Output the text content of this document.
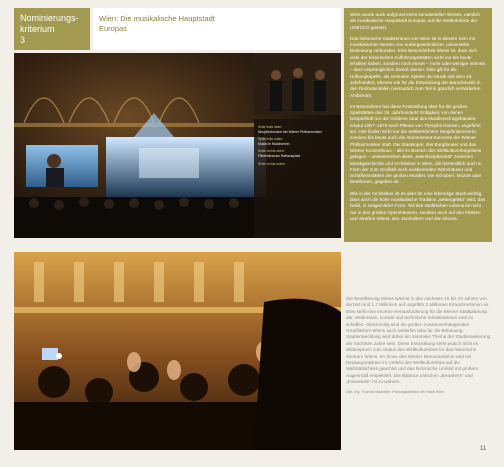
Nominierungs-
kriterium
3
Wien: Die musikalische Hauptstadt
Europas

Wien wurde auch aufgrund eines immateriellen Wertes, nämlich als musikalische Hauptstadt Europas, auf die Welterbeliste der UNESCO gesetzt.

Das historische Stadtzentrum von Wien ist in diesem Sinn mit musikalischen Werten von außergewöhnlicher, universeller Bedeutung verbunden. Eine Besonderheit Wiens ist, dass sich viele der historischen Aufführungsstätten nicht nur bis heute erhalten haben, sondern noch immer – mehr oder weniger intensiv – dem ursprünglichen Zweck dienen. Dies gilt für die Hofburgkapelle, als zentralen Spieler der Musik seit dem 16. Jahrhundert, ebenso wie für die Entwicklung der Barockmusik in den Redoutensälen (vermutlich zum Teil in gänzlich veränderten Ambiente).

Im Besonderen hat diese Feststellung aber für die großen Spielstätten des 19. Jahrhunderts Gültigkeit, von denen beispielhaft nur der Goldene Saal des Musikvereinsgebäudes, erbaut 1867–1870 nach Plänen von Theophil Hansen, angeführt sei. Hier finden nicht nur die weltberühmten Neujahrskonzerte, sondern bis heute auch die Abonnement-Konzerte der Wiener Philharmoniker statt. Die Staatsoper, das Burgtheater und das Wiener Konzerthaus – alle im Bereich des Weltkulturerbegebiets gelegen – unterstreichen diese „Interdisziplinarität“ zwischen Musikgeschichte und Architektur in Wien, die letztendlich auch in Form der zum Großteil noch existierenden Wohnhäuser und Schaffensstätten der großen Musiker, wie Schubert, Mozart oder Beethoven, gegeben ist.

Wie in der Architektur ist es aber für eine lebendige Stadt wichtig, dass auch die hohe musikalische Tradition „weitergelebt“ wird, das heißt, in zeitgemäßer Form. Teil des städtischen Lebens ist nicht nur in den großen Opernhäusern, sondern auch auf den Plätzen und Straßen Wiens, den Jazzkellern und den Discos.

Seite links oben:
Neujahrskonzert der Wiener Philharmoniker
Seite links unten:
Musik im Musikverein
Seite rechts oben:
Filmfestival am Rathausplatz
Seite rechts unten:
Die Bevölkerung Wiens wächst in den nächsten 15 bis 20 Jahren von derzeit rund 1,7 Millionen auf ungefähr 2 Millionen Einwohnerinnen an. Dies stellt eine enorme Herausforderung für die Wiener Stadtplanung dar. Wohnraum, soziale und technische Infrastrukturen sind zu schaffen. Gleichzeitig sind die großen zusammenhängenden Grünflächen Wiens auch weiterhin tabu für die Bebauung. Stadtentwicklung wird daher ein zentrales Thema der Stadterweiterung der nächsten Jahre sein. Diese Entwicklung steht jedoch nicht im Widerspruch zum Status des Weltkulturerbes für das historische Zentrum Wiens. Im Sinne des Wiener Memorandums wird bei Neubauprojekten im Umfeld des Weltkulturerbes auf die Maßstäblichkeit geachtet und das historische Umfeld mit großem Augenmaß respektiert. Die Balance zwischen „Bewahren“ und „Entwickeln“ ist zu wahren.
Dipl.-Ing. Thomas Madreiter, Planungsdirektor der Stadt Wien
11
